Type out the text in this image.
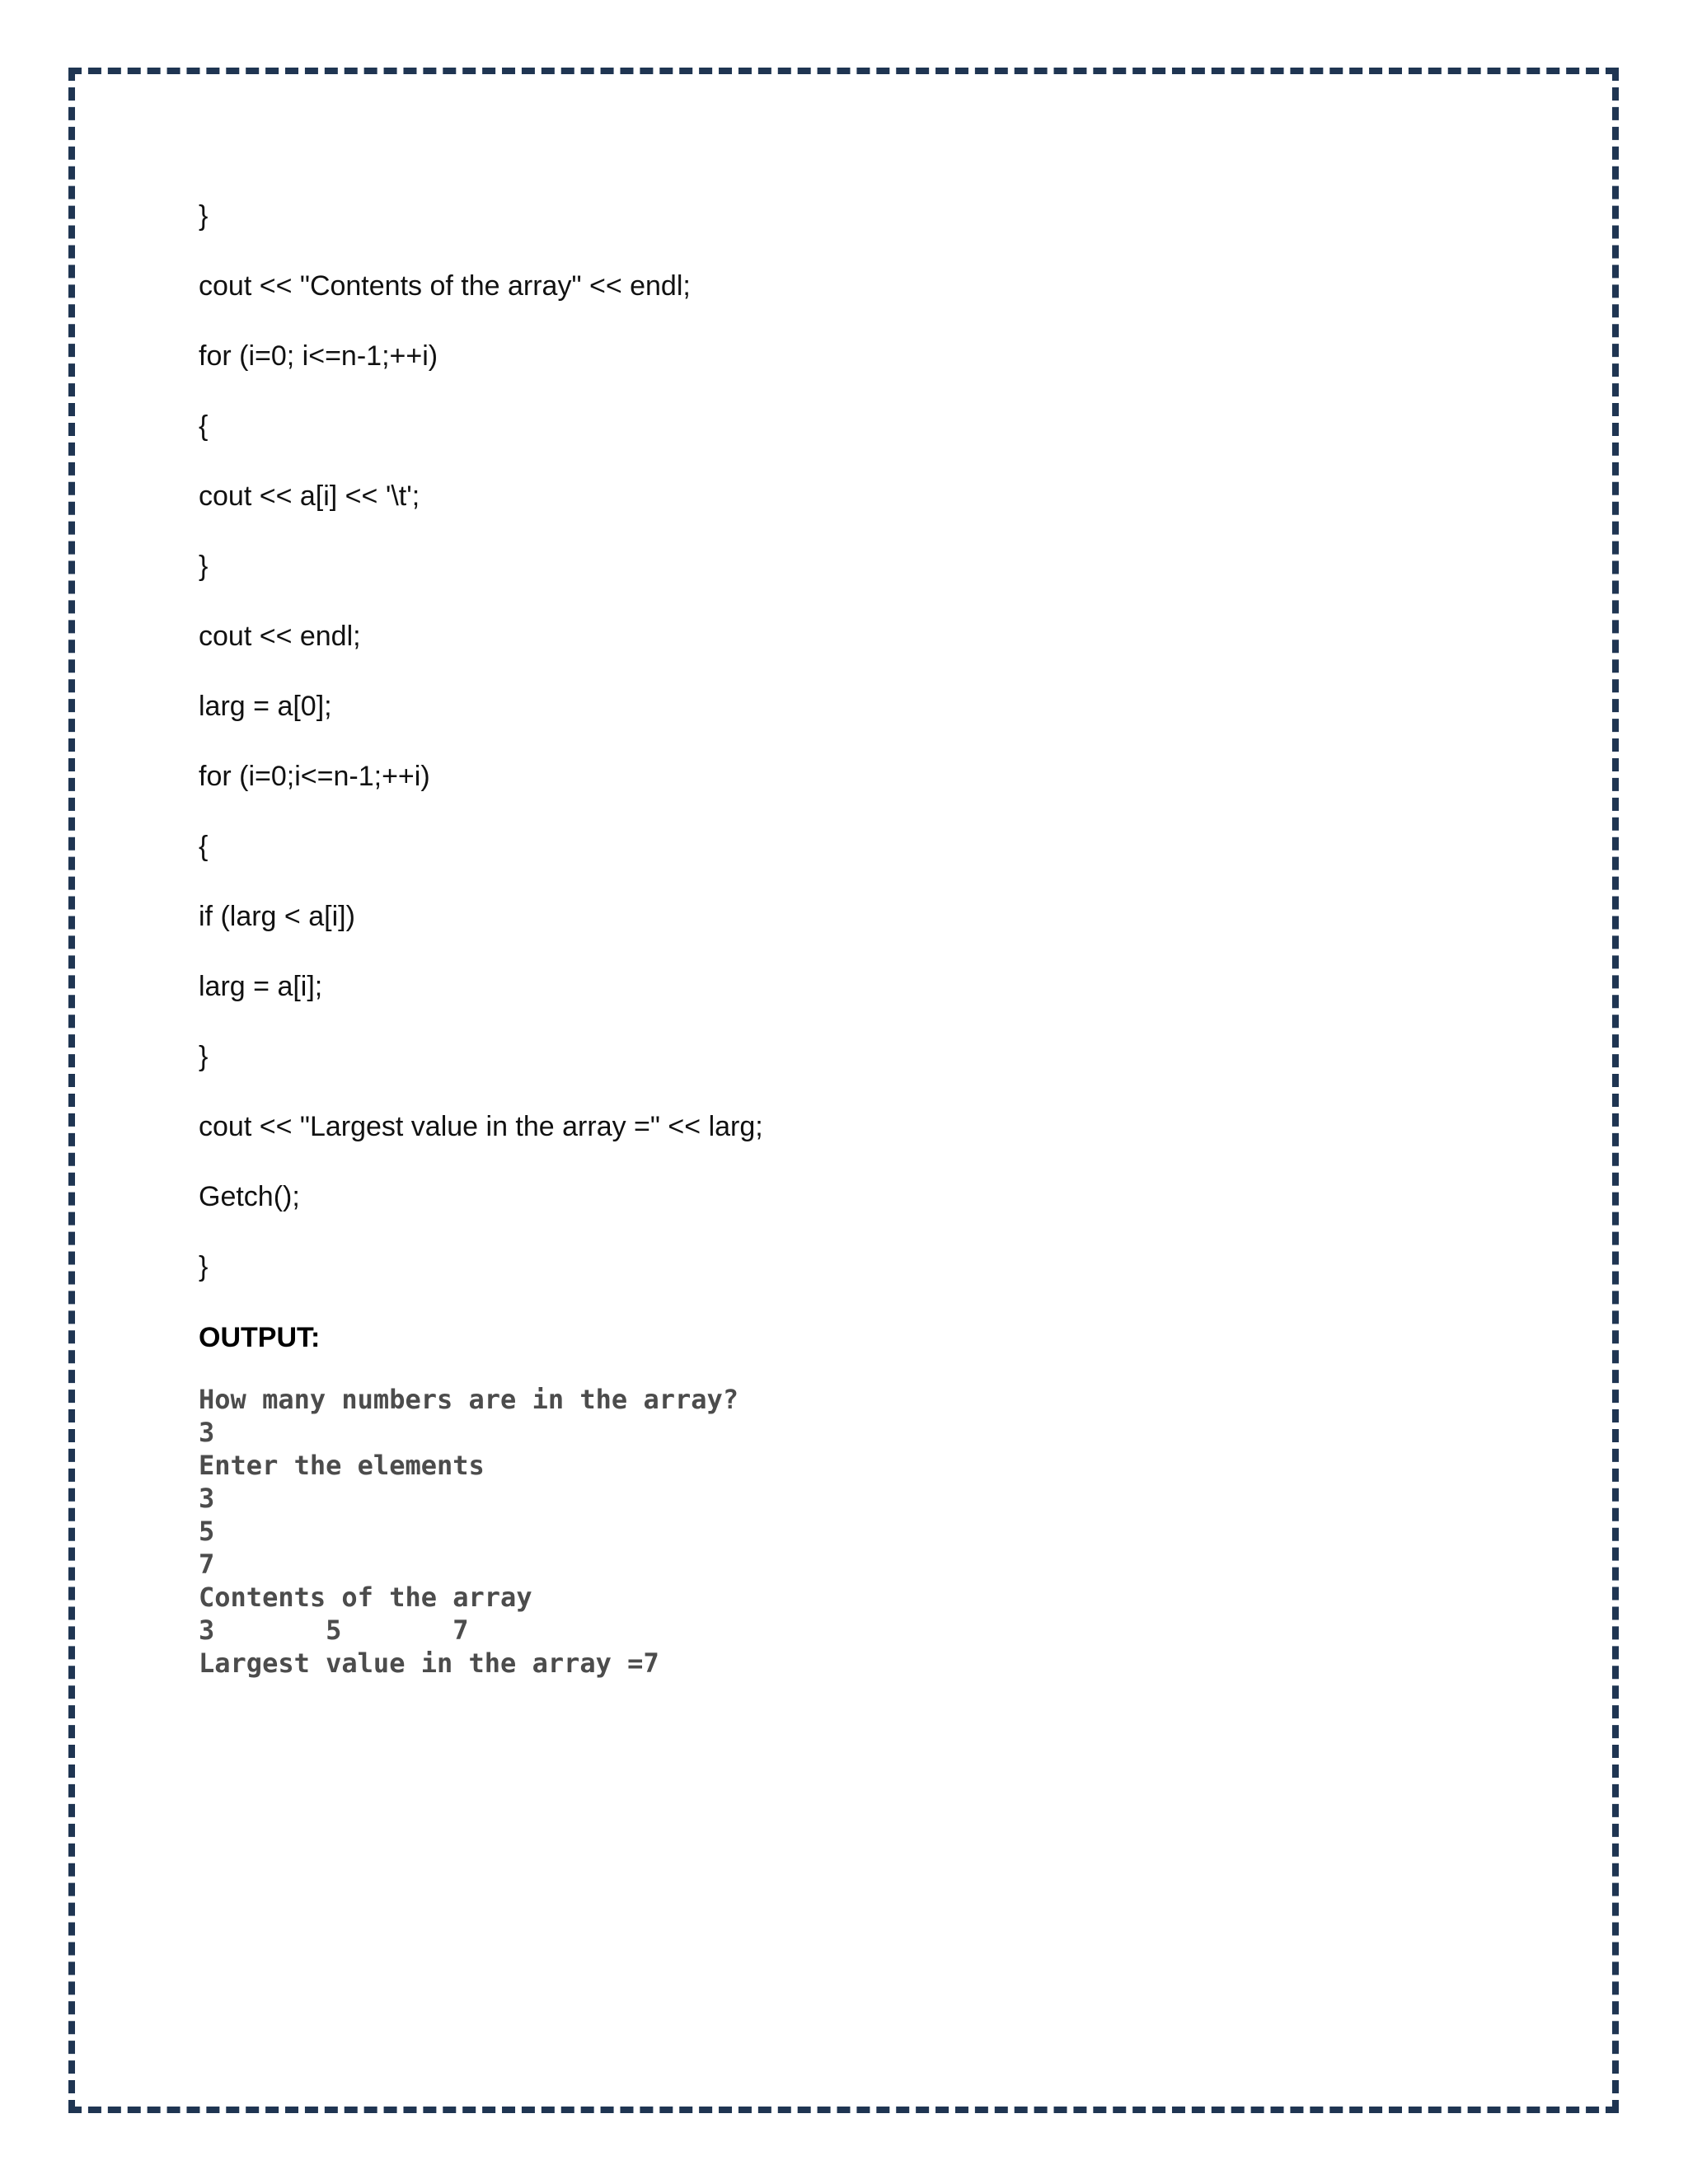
}
cout << "Contents of the array" << endl;
for (i=0; i<=n-1;++i)
{
cout << a[i] << '\t';
}
cout << endl;
larg = a[0];
for (i=0;i<=n-1;++i)
{
if (larg < a[i])
larg = a[i];
}
cout << "Largest value in the array =" << larg;
Getch();
}
OUTPUT:
How many numbers are in the array?
3
Enter the elements
3
5
7
Contents of the array
3       5       7
Largest value in the array =7
